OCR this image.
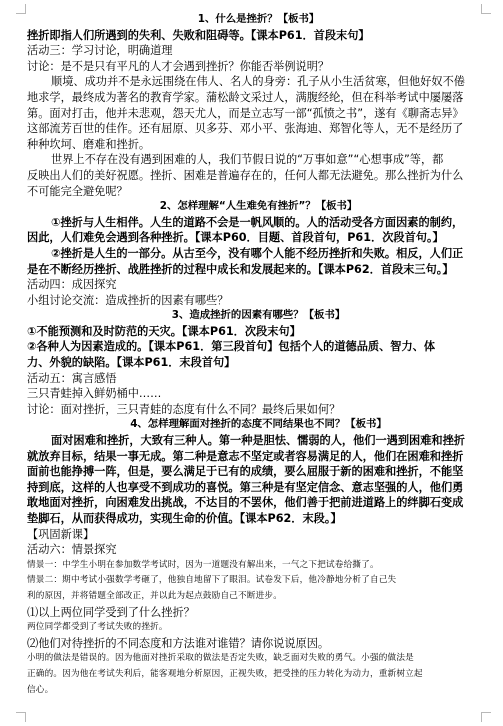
1、什么是挫折？【板书】

挫折即指人们所遇到的失利、失败和阻碍等。【课本P61．首段末句】

活动三：学习讨论，明确道理

讨论：是不是只有平凡的人才会遇到挫折？你能否举例说明？

顺境、成功并不是永远围绕在伟人、名人的身旁：孔子从小生活贫寒，但他好奴不倦

地求学，最终成为著名的教育学家。蒲松龄文采过人，满腹经纶，但在科举考试中屡屡落

第。面对打击，他并未悲观，怨天尤人，而是立志写一部“孤愤之书”，遂有《聊斋志异》

这部流芳百世的佳作。还有屈原、贝多芬、邓小平、张海迪、郑智化等人，无不是经历了

种种坎坷、磨难和挫折。

世界上不存在没有遇到困难的人，我们节假日说的“万事如意”“心想事成”等，都

反映出人们的美好祝愿。挫折、困难是普遍存在的，任何人都无法避免。那么挫折为什么

不可能完全避免呢？

2、怎样理解“人生难免有挫折”？【板书】

①挫折与人生相伴。人生的道路不会是一帆风顺的。人的活动受各方面因素的制约，

因此，人们难免会遇到各种挫折。【课本P60．目题、首段首句，P61．次段首句。】

②挫折是人生的一部分。从古至今，没有哪个人能不经历挫折和失败。相反，人们正

是在不断经历挫折、战胜挫折的过程中成长和发展起来的。【课本P62．首段末三句。】

活动四：成因探究

小组讨论交流：造成挫折的因素有哪些？

3、造成挫折的因素有哪些？【板书】

①不能预测和及时防范的天灾。【课本P61．次段末句】

②各种人为因素造成的。【课本P61．第三段首句】包括个人的道德品质、智力、体

力、外貌的缺陷。【课本P61．末段首句】

活动五：寓言感悟

三只青蛙掉入鲜奶桶中……

讨论：面对挫折，三只青蛙的态度有什么不同？最终后果如何？

4、怎样理解面对挫折的态度不同结果也不同？【板书】

面对困难和挫折，大致有三种人。第一种是胆怯、懦弱的人，他们一遇到困难和挫折

就放弃目标，结果一事无成。第二种是意志不坚定或者容易满足的人，他们在困难和挫折

面前也能挣搏一阵，但是，要么满足于已有的成绩，要么屈服于新的困难和挫折，不能坚

持到底，这样的人也享受不到成功的喜悦。第三种是有坚定信念、意志坚强的人，他们勇

敢地面对挫折，向困难发出挑战，不达目的不罢休，他们善于把前进道路上的绊脚石变成

垫脚石，从而获得成功，实现生命的价值。【课本P62．末段。】

【巩固新课】

活动六：情景探究

情景一：中学生小明在参加数学考试时，因为一道题没有解出来，一气之下把试卷给撕了。

情景二：期中考试小强数学考砸了，他独自地留下了眼泪。试卷发下后，他冷静地分析了自己失

利的原因，并将错题全部改正，并以此为起点鼓励自己不断进步。

⑴以上两位同学受到了什么挫折？

两位同学都受到了考试失败的挫折。

⑵他们对待挫折的不同态度和方法谁对谁错？请你说说原因。

小明的做法是错误的。因为他面对挫折采取的做法是否定失败，缺乏面对失败的勇气。小强的做法是

正确的。因为他在考试失利后，能客观地分析原因，正视失败，把受挫的压力转化为动力，重新树立起

信心。
